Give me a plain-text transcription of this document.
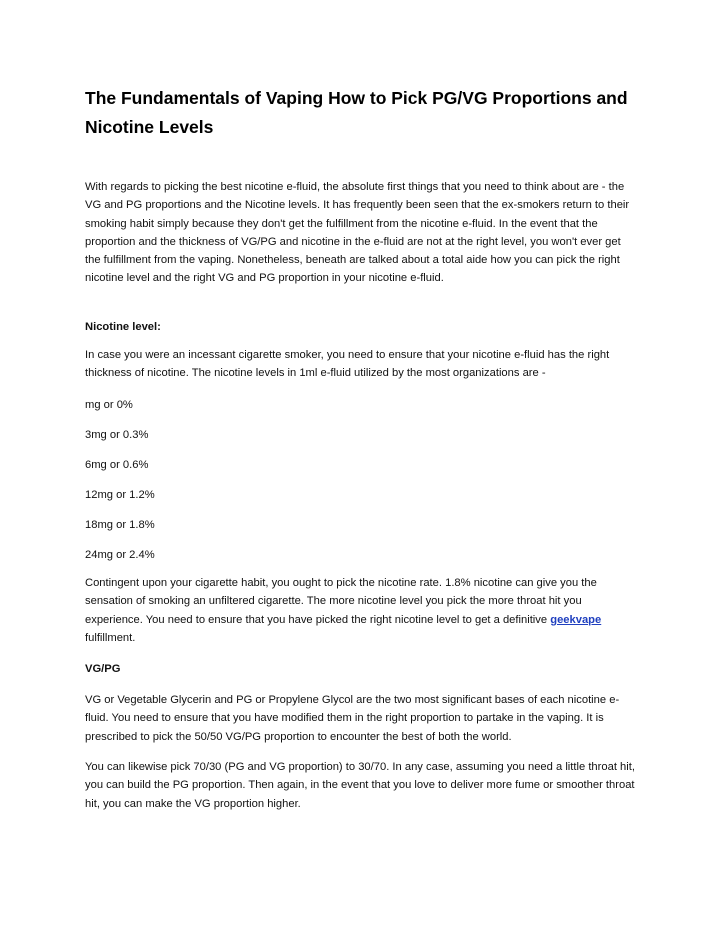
The Fundamentals of Vaping How to Pick PG/VG Proportions and Nicotine Levels

With regards to picking the best nicotine e-fluid, the absolute first things that you need to think about are - the VG and PG proportions and the Nicotine levels. It has frequently been seen that the ex-smokers return to their smoking habit simply because they don't get the fulfillment from the nicotine e-fluid. In the event that the proportion and the thickness of VG/PG and nicotine in the e-fluid are not at the right level, you won't ever get the fulfillment from the vaping. Nonetheless, beneath are talked about a total aide how you can pick the right nicotine level and the right VG and PG proportion in your nicotine e-fluid.

Nicotine level:

In case you were an incessant cigarette smoker, you need to ensure that your nicotine e-fluid has the right thickness of nicotine. The nicotine levels in 1ml e-fluid utilized by the most organizations are -

mg or 0%

3mg or 0.3%

6mg or 0.6%

12mg or 1.2%

18mg or 1.8%

24mg or 2.4%

Contingent upon your cigarette habit, you ought to pick the nicotine rate. 1.8% nicotine can give you the sensation of smoking an unfiltered cigarette. The more nicotine level you pick the more throat hit you experience. You need to ensure that you have picked the right nicotine level to get a definitive geekvape fulfillment.

VG/PG

VG or Vegetable Glycerin and PG or Propylene Glycol are the two most significant bases of each nicotine e-fluid. You need to ensure that you have modified them in the right proportion to partake in the vaping. It is prescribed to pick the 50/50 VG/PG proportion to encounter the best of both the world.

You can likewise pick 70/30 (PG and VG proportion) to 30/70. In any case, assuming you need a little throat hit, you can build the PG proportion. Then again, in the event that you love to deliver more fume or smoother throat hit, you can make the VG proportion higher.
